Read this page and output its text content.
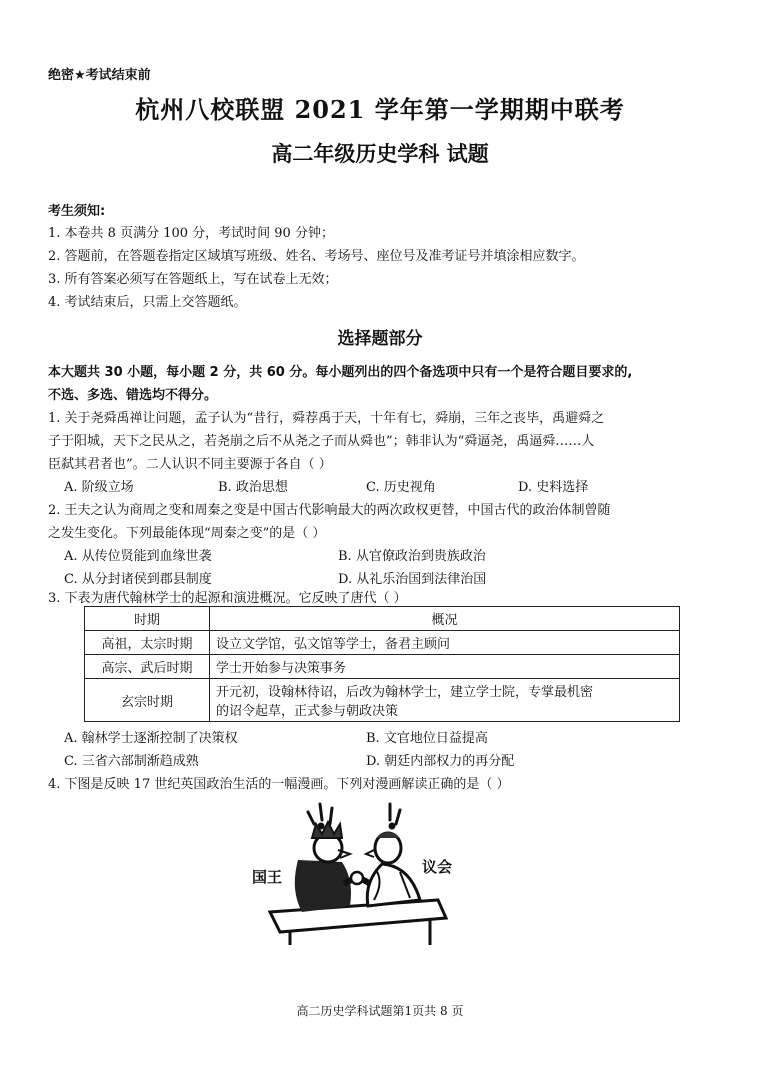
绝密★考试结束前
杭州八校联盟 2021 学年第一学期期中联考
高二年级历史学科 试题
考生须知:
1. 本卷共 8 页满分 100 分，考试时间 90 分钟；
2. 答题前，在答题卷指定区域填写班级、姓名、考场号、座位号及准考证号并填涂相应数字。
3. 所有答案必须写在答题纸上，写在试卷上无效；
4. 考试结束后，只需上交答题纸。
选择题部分
本大题共 30 小题，每小题 2 分，共 60 分。每小题列出的四个备选项中只有一个是符合题目要求的,
不选、多选、错选均不得分。
1. 关于尧舜禹禅让问题，孟子认为“昔行，舜荐禹于天，十年有七，舜崩，三年之丧毕，禹避舜之
子于阳城，天下之民从之，若尧崩之后不从尧之子而从舜也”；韩非认为“舜逼尧，禹逼舜……人
臣弑其君者也”。二人认识不同主要源于各自（ ）
A. 阶级立场	B. 政治思想	C. 历史视角	D. 史料选择
2. 王夫之认为商周之变和周秦之变是中国古代影响最大的两次政权更替，中国古代的政治体制曾随
之发生变化。下列最能体现“周秦之变”的是（ ）
A. 从传位贤能到血缘世袭	B. 从官僚政治到贵族政治
C. 从分封诸侯到郡县制度	D. 从礼乐治国到法律治国
3. 下表为唐代翰林学士的起源和演进概况。它反映了唐代（ ）
时期	概况
高祖，太宗时期	设立文学馆，弘文馆等学士，备君主顾问
高宗、武后时期	学士开始参与决策事务
玄宗时期	开元初，设翰林待诏，后改为翰林学士，建立学士院，专掌最机密
的诏令起草，正式参与朝政决策
A. 翰林学士逐渐控制了决策权	B. 文官地位日益提高
C. 三省六部制渐趋成熟	D. 朝廷内部权力的再分配
4. 下图是反映 17 世纪英国政治生活的一幅漫画。下列对漫画解读正确的是（ ）
国王
议会
高二历史学科试题第1页共 8 页
